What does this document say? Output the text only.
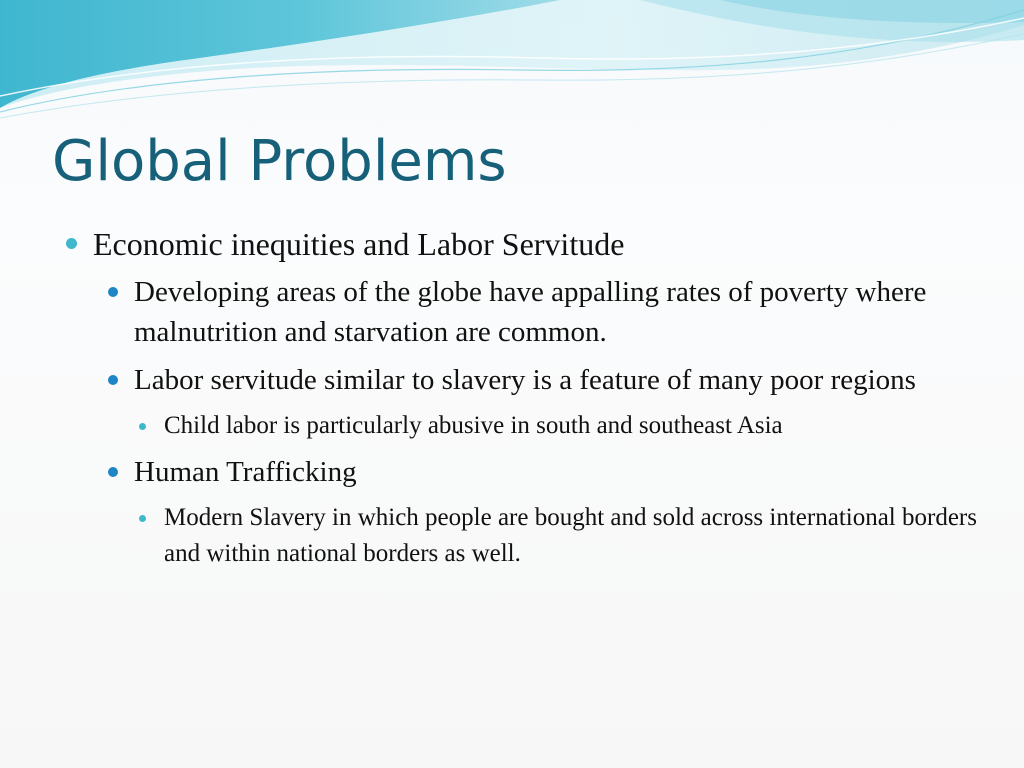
Global Problems
Economic inequities and Labor Servitude
Developing areas of the globe have appalling rates of poverty where malnutrition and starvation are common.
Labor servitude similar to slavery is a feature of many poor regions
Child labor is particularly abusive in south and southeast Asia
Human Trafficking
Modern Slavery in which people are bought and sold across international borders and within national borders as well.
